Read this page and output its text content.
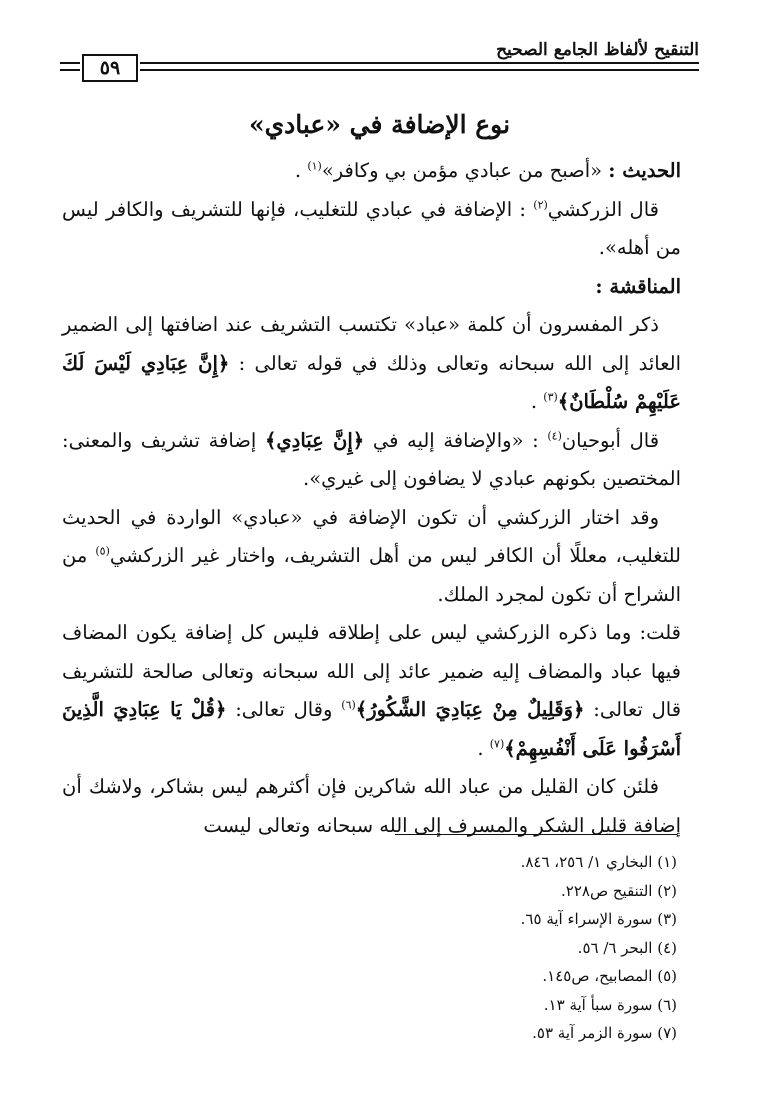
٥٩
التنقيح لألفاظ الجامع الصحيح
نوع الإضافة في «عبادي»

الحديث : «أصبح من عبادي مؤمن بي وكافر»$^{(١)}$ .

قال الزركشي$^{(٢)}$ : الإضافة في عبادي للتغليب، فإنها للتشريف والكافر ليس من أهله».

المناقشة :

ذكر المفسرون أن كلمة «عباد» تكتسب التشريف عند اضافتها إلى الضمير العائد إلى الله سبحانه وتعالى وذلك في قوله تعالى : ﴿إِنَّ عِبَادِي لَيْسَ لَكَ عَلَيْهِمْ سُلْطَانٌ﴾$^{(٣)}$ .

قال أبوحيان$^{(٤)}$ : «والإضافة إليه في ﴿إِنَّ عِبَادِي﴾ إضافة تشريف والمعنى: المختصين بكونهم عبادي لا يضافون إلى غيري».

وقد اختار الزركشي أن تكون الإضافة في «عبادي» الواردة في الحديث للتغليب، معللًا أن الكافر ليس من أهل التشريف، واختار غير الزركشي$^{(٥)}$ من الشراح أن تكون لمجرد الملك.

قلت: وما ذكره الزركشي ليس على إطلاقه فليس كل إضافة يكون المضاف فيها عباد والمضاف إليه ضمير عائد إلى الله سبحانه وتعالى صالحة للتشريف قال تعالى: ﴿وَقَلِيلٌ مِنْ عِبَادِيَ الشَّكُورُ﴾$^{(٦)}$ وقال تعالى: ﴿قُلْ يَا عِبَادِيَ الَّذِينَ أَسْرَفُوا عَلَى أَنْفُسِهِمْ﴾$^{(٧)}$ .

فلئن كان القليل من عباد الله شاكرين فإن أكثرهم ليس بشاكر، ولاشك أن إضافة قليل الشكر والمسرف إلى الله سبحانه وتعالى ليست

(١) البخاري ١/ ٢٥٦، ٨٤٦.
(٢) التنقيح ص٢٢٨.
(٣) سورة الإسراء آية ٦٥.
(٤) البحر ٦/ ٥٦.
(٥) المصابيح، ص١٤٥.
(٦) سورة سبأ آية ١٣.
(٧) سورة الزمر آية ٥٣.
